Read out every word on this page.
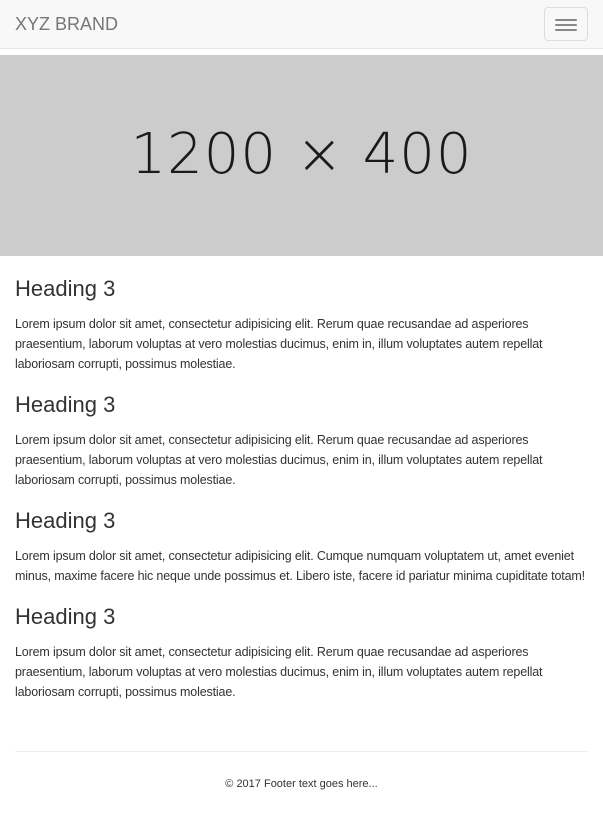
XYZ BRAND
1200 × 400
Heading 3

Lorem ipsum dolor sit amet, consectetur adipisicing elit. Rerum quae recusandae ad asperiores praesentium, laborum voluptas at vero molestias ducimus, enim in, illum voluptates autem repellat laboriosam corrupti, possimus molestiae.

Heading 3

Lorem ipsum dolor sit amet, consectetur adipisicing elit. Rerum quae recusandae ad asperiores praesentium, laborum voluptas at vero molestias ducimus, enim in, illum voluptates autem repellat laboriosam corrupti, possimus molestiae.

Heading 3

Lorem ipsum dolor sit amet, consectetur adipisicing elit. Cumque numquam voluptatem ut, amet eveniet minus, maxime facere hic neque unde possimus et. Libero iste, facere id pariatur minima cupiditate totam!

Heading 3

Lorem ipsum dolor sit amet, consectetur adipisicing elit. Rerum quae recusandae ad asperiores praesentium, laborum voluptas at vero molestias ducimus, enim in, illum voluptates autem repellat laboriosam corrupti, possimus molestiae.

© 2017 Footer text goes here...
